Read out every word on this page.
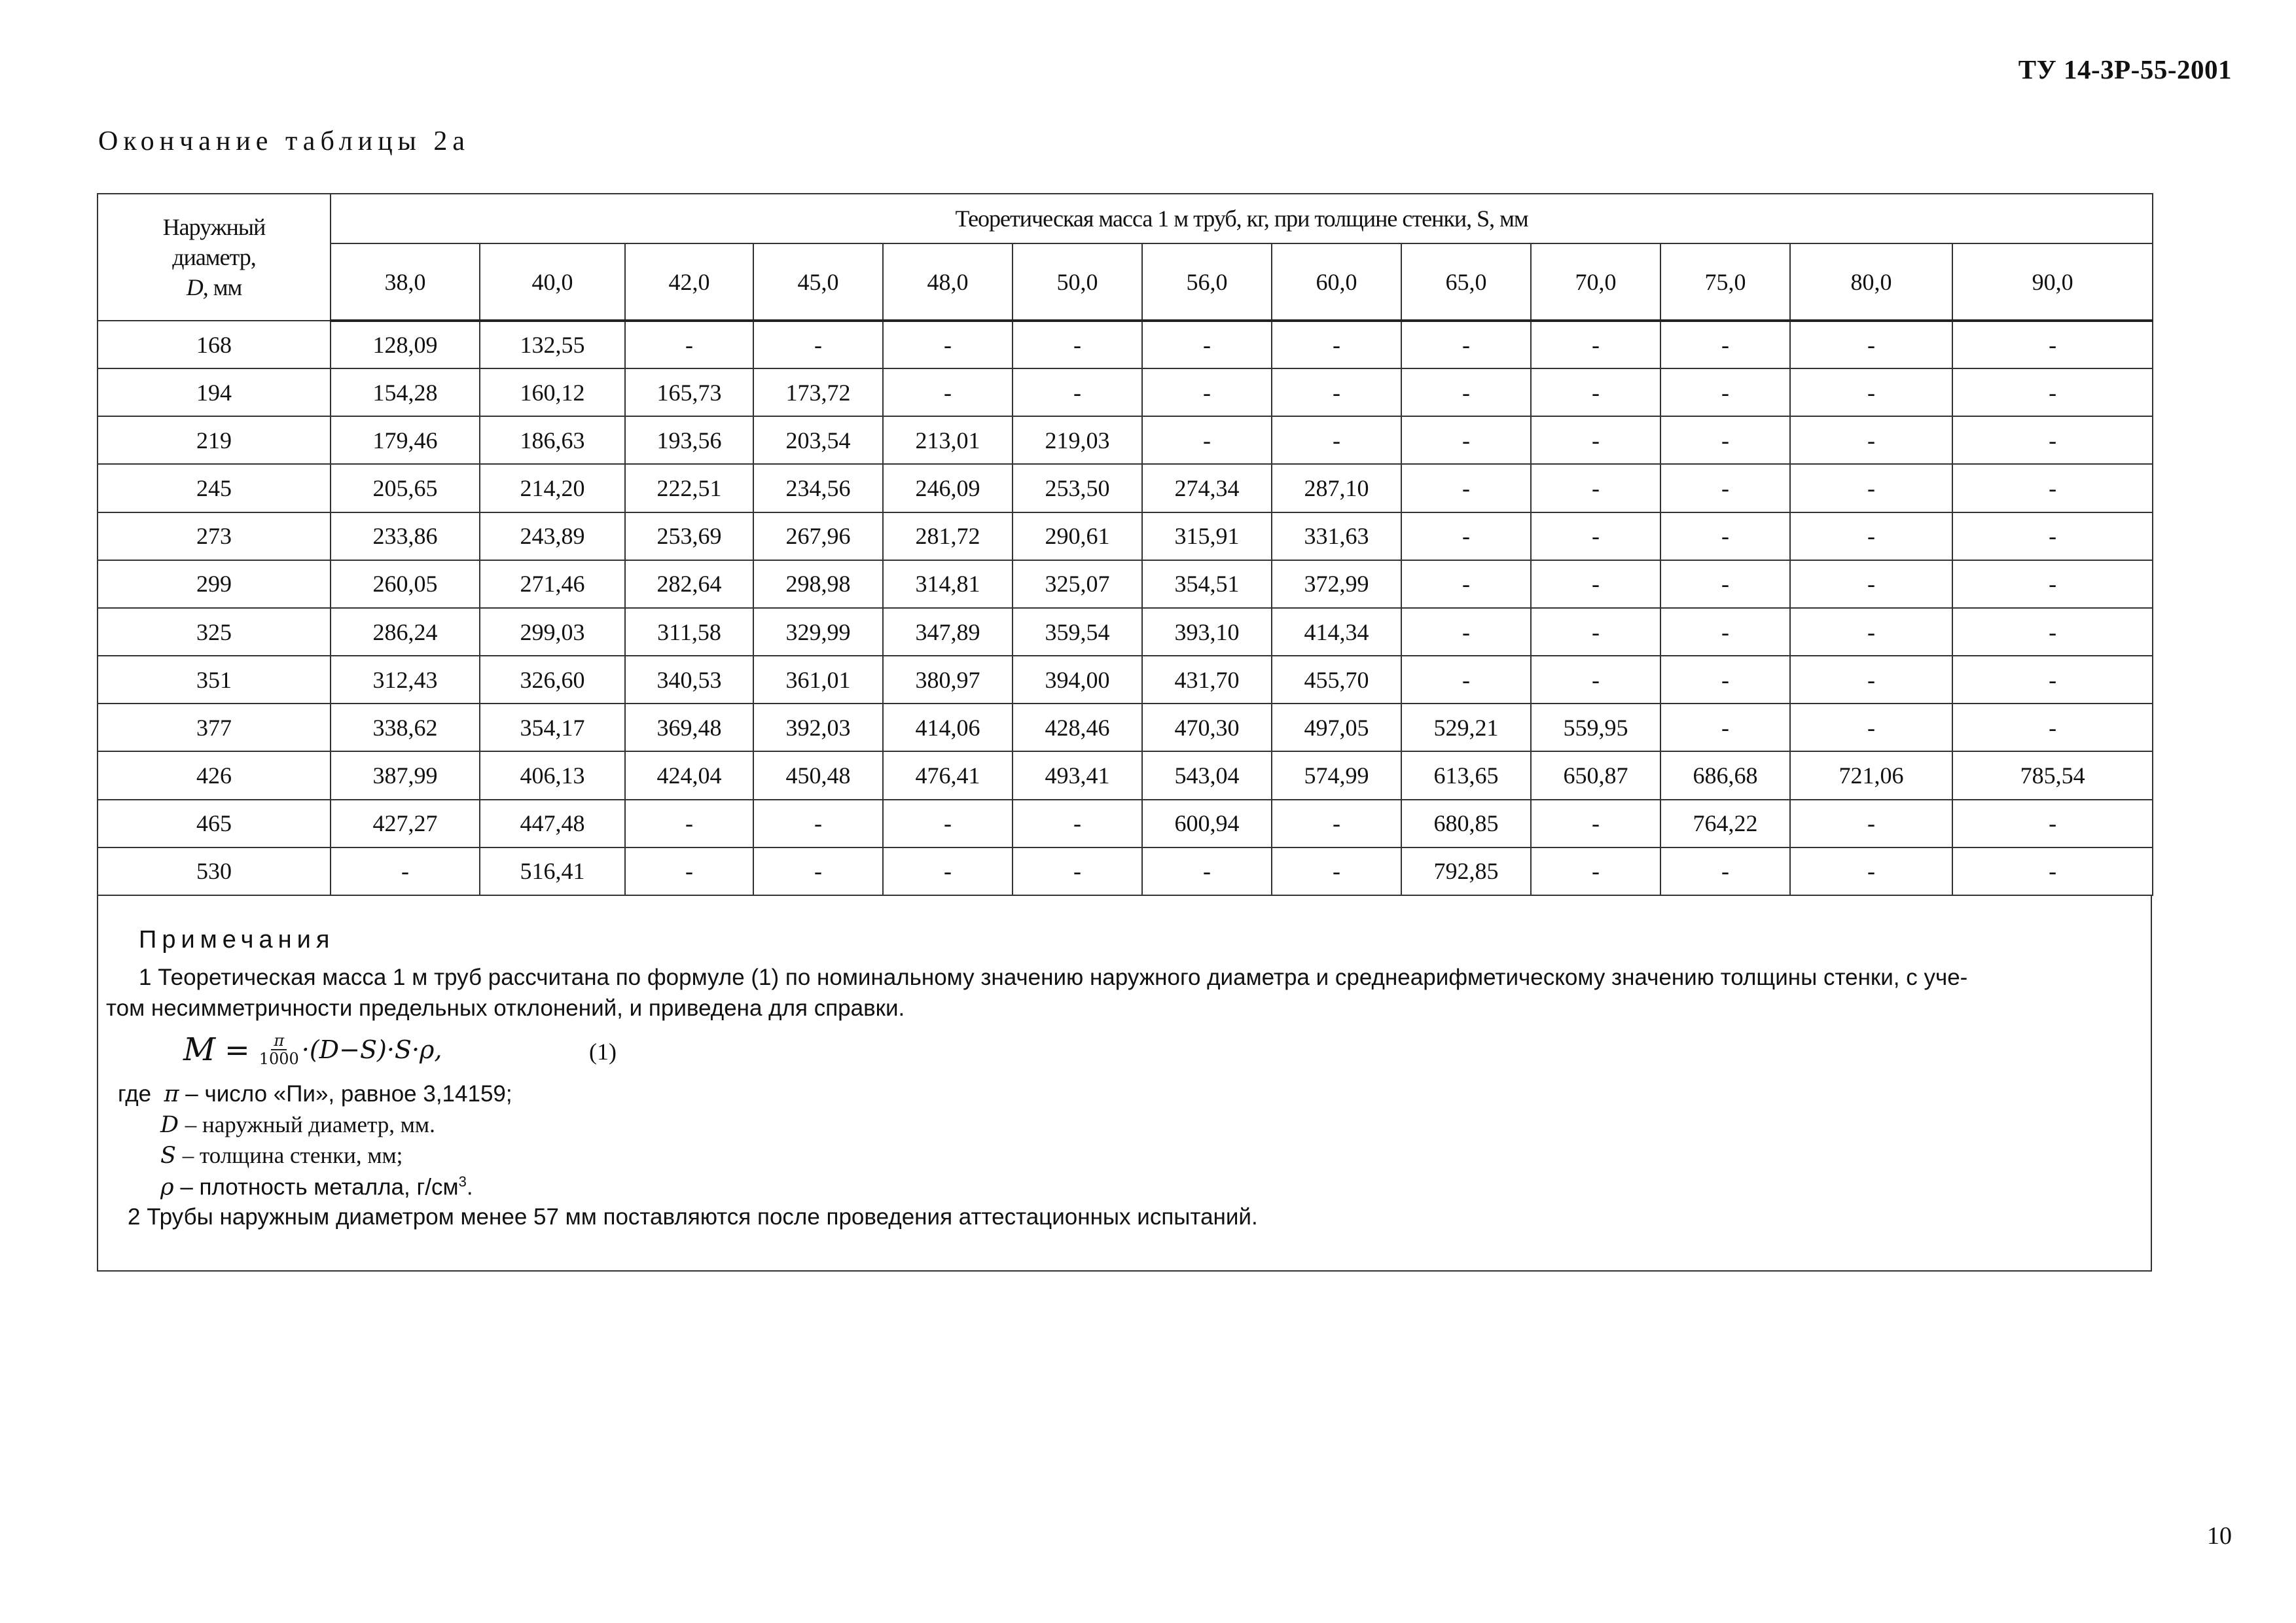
ТУ 14-3Р-55-2001
Окончание таблицы 2а
Наружный
диаметр,
D, мм	Теоретическая масса 1 м труб, кг, при толщине стенки, S, мм												
	38,0	40,0	42,0	45,0	48,0	50,0	56,0	60,0	65,0	70,0	75,0	80,0	90,0
168	128,09	132,55	-	-	-	-	-	-	-	-	-	-	-
194	154,28	160,12	165,73	173,72	-	-	-	-	-	-	-	-	-
219	179,46	186,63	193,56	203,54	213,01	219,03	-	-	-	-	-	-	-
245	205,65	214,20	222,51	234,56	246,09	253,50	274,34	287,10	-	-	-	-	-
273	233,86	243,89	253,69	267,96	281,72	290,61	315,91	331,63	-	-	-	-	-
299	260,05	271,46	282,64	298,98	314,81	325,07	354,51	372,99	-	-	-	-	-
325	286,24	299,03	311,58	329,99	347,89	359,54	393,10	414,34	-	-	-	-	-
351	312,43	326,60	340,53	361,01	380,97	394,00	431,70	455,70	-	-	-	-	-
377	338,62	354,17	369,48	392,03	414,06	428,46	470,30	497,05	529,21	559,95	-	-	-
426	387,99	406,13	424,04	450,48	476,41	493,41	543,04	574,99	613,65	650,87	686,68	721,06	785,54
465	427,27	447,48	-	-	-	-	600,94	-	680,85	-	764,22	-	-
530	-	516,41	-	-	-	-	-	-	792,85	-	-	-	-
Примечания
1 Теоретическая масса 1 м труб рассчитана по формуле (1) по номинальному значению наружного диаметра и среднеарифметическому значению толщины стенки, с уче-
том несимметричности предельных отклонений, и приведена для справки.
$M = \frac{\pi}{1000} \cdot(D-S)\cdot S\cdot\rho$,	(1)
где π – число «Пи», равное 3,14159;
D – наружный диаметр, мм.
S – толщина стенки, мм;
ρ – плотность металла, $г/см^3$.
2 Трубы наружным диаметром менее 57 мм поставляются после проведения аттестационных испытаний.
10
